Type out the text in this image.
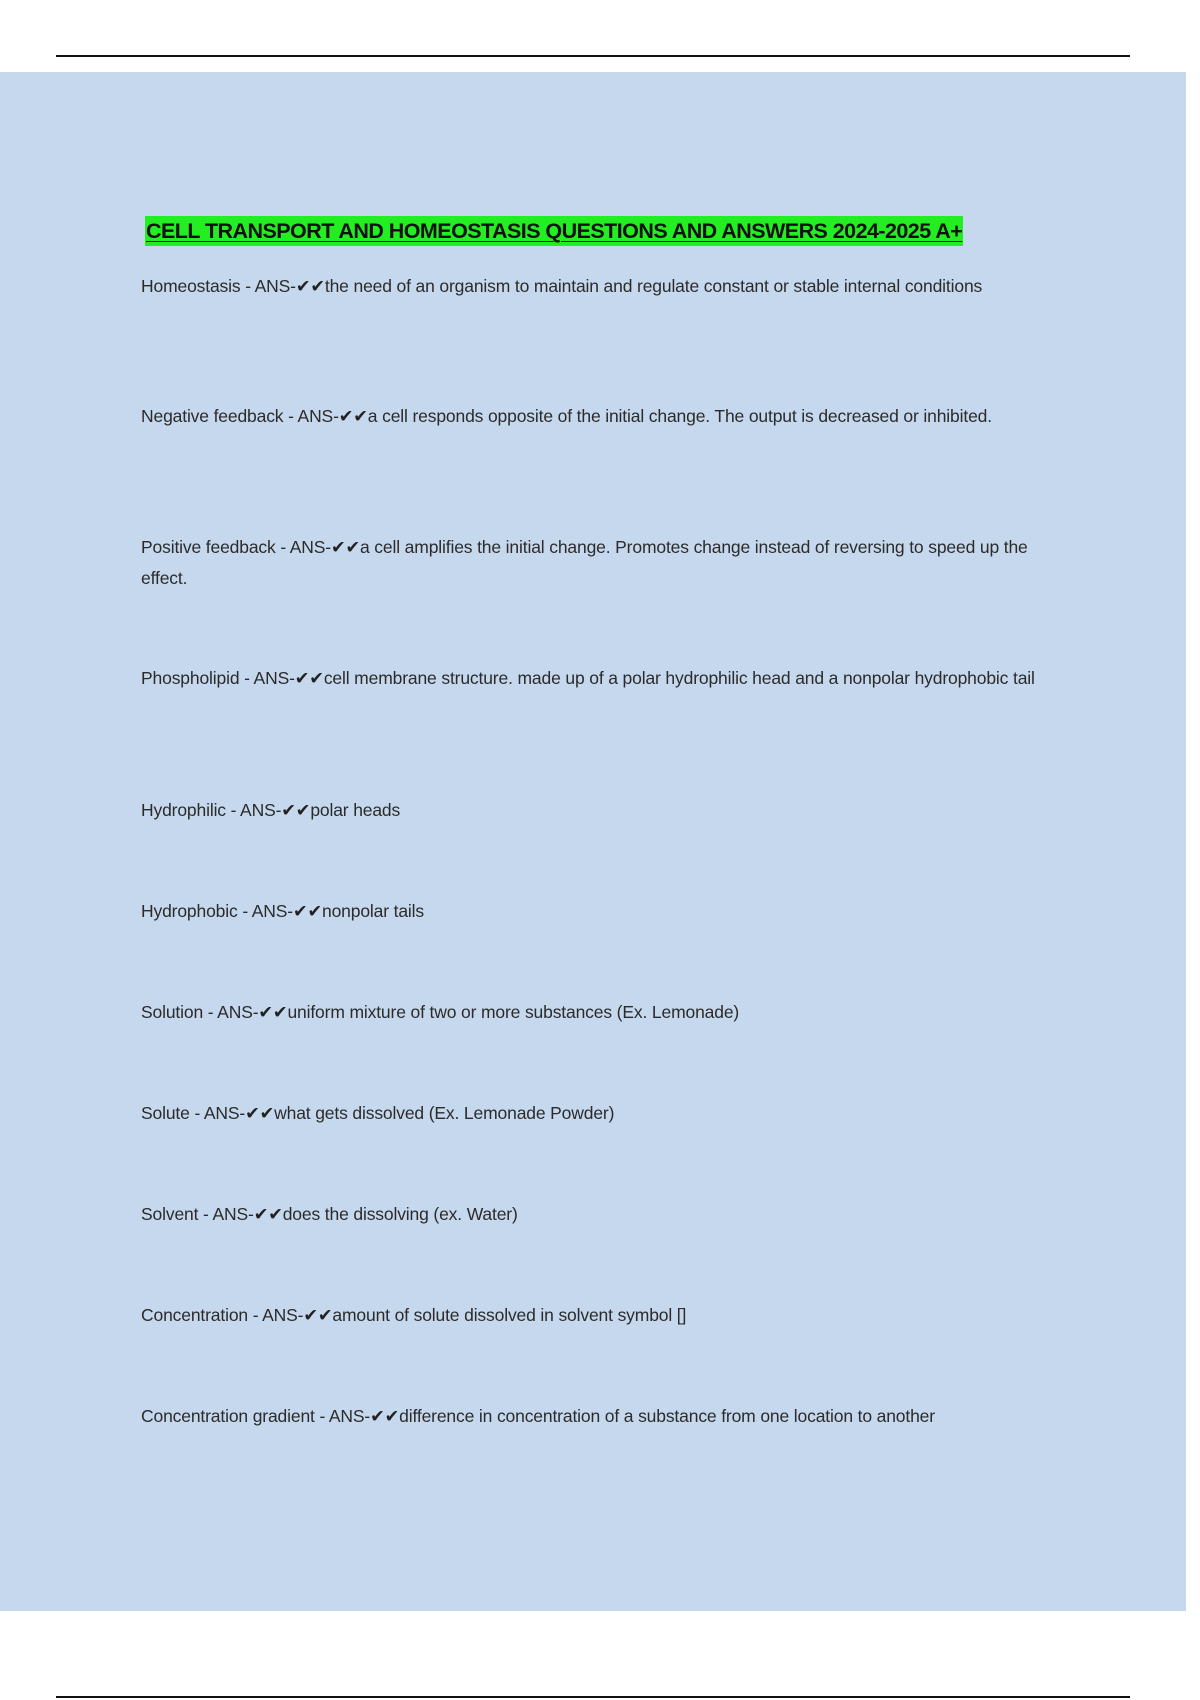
CELL TRANSPORT AND HOMEOSTASIS QUESTIONS AND ANSWERS 2024-2025 A+
Homeostasis - ANS-✔✔the need of an organism to maintain and regulate constant or stable internal conditions
Negative feedback - ANS-✔✔a cell responds opposite of the initial change. The output is decreased or inhibited.
Positive feedback - ANS-✔✔a cell amplifies the initial change. Promotes change instead of reversing to speed up the effect.
Phospholipid - ANS-✔✔cell membrane structure. made up of a polar hydrophilic head and a nonpolar hydrophobic tail
Hydrophilic - ANS-✔✔polar heads
Hydrophobic - ANS-✔✔nonpolar tails
Solution - ANS-✔✔uniform mixture of two or more substances (Ex. Lemonade)
Solute - ANS-✔✔what gets dissolved (Ex. Lemonade Powder)
Solvent - ANS-✔✔does the dissolving (ex. Water)
Concentration - ANS-✔✔amount of solute dissolved in solvent symbol []
Concentration gradient - ANS-✔✔difference in concentration of a substance from one location to another
